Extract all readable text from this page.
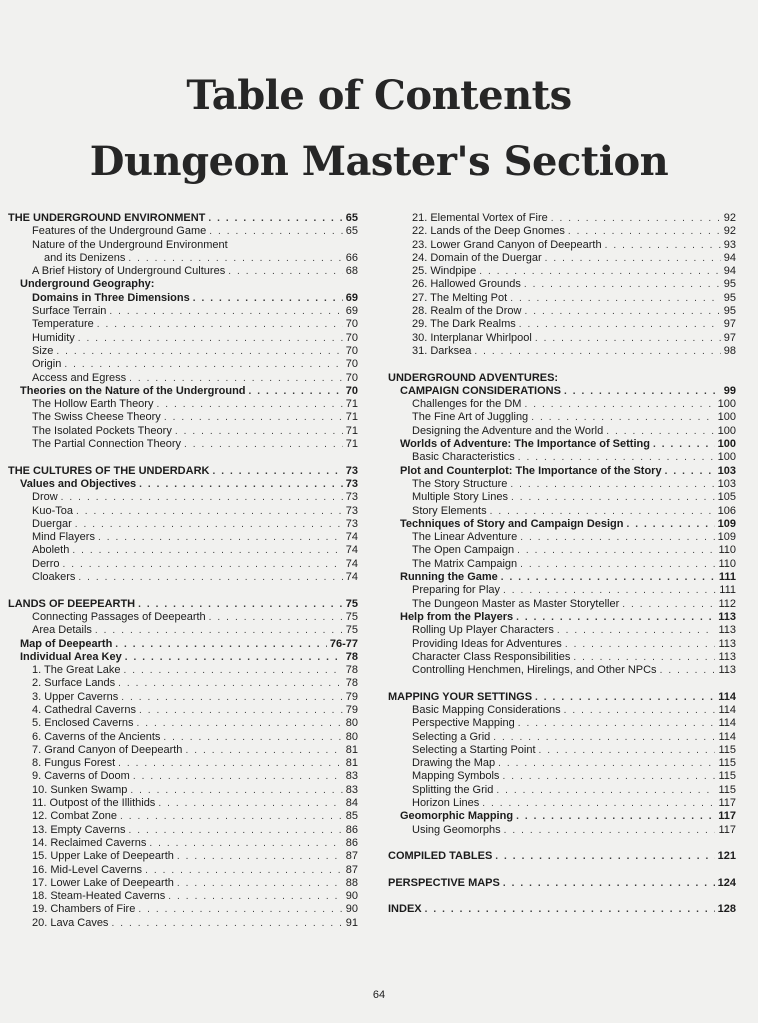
Table of Contents
Dungeon Master's Section
THE UNDERGROUND ENVIRONMENT . . .	65
Features of the Underground Game . . .	65
Nature of the Underground Environment
and its Denizens . . .	66
A Brief History of Underground Cultures . . .	68
Underground Geography:
Domains in Three Dimensions . . .	69
Surface Terrain . . .	69
Temperature . . .	70
Humidity . . .	70
Size . . .	70
Origin . . .	70
Access and Egress . . .	70
Theories on the Nature of the Underground . . .	70
The Hollow Earth Theory . . .	71
The Swiss Cheese Theory . . .	71
The Isolated Pockets Theory . . .	71
The Partial Connection Theory . . .	71
THE CULTURES OF THE UNDERDARK . . .	73
Values and Objectives . . .	73
Drow . . .	73
Kuo-Toa . . .	73
Duergar . . .	73
Mind Flayers . . .	74
Aboleth . . .	74
Derro . . .	74
Cloakers . . .	74
LANDS OF DEEPEARTH . . .	75
Connecting Passages of Deepearth . . .	75
Area Details . . .	75
Map of Deepearth . . .	76-77
Individual Area Key . . .	78
1. The Great Lake . . .	78
2. Surface Lands . . .	78
3. Upper Caverns . . .	79
4. Cathedral Caverns . . .	79
5. Enclosed Caverns . . .	80
6. Caverns of the Ancients . . .	80
7. Grand Canyon of Deepearth . . .	81
8. Fungus Forest . . .	81
9. Caverns of Doom . . .	83
10. Sunken Swamp . . .	83
11. Outpost of the Illithids . . .	84
12. Combat Zone . . .	85
13. Empty Caverns . . .	86
14. Reclaimed Caverns . . .	86
15. Upper Lake of Deepearth . . .	87
16. Mid-Level Caverns . . .	87
17. Lower Lake of Deepearth . . .	88
18. Steam-Heated Caverns . . .	90
19. Chambers of Fire . . .	90
20. Lava Caves . . .	91
21. Elemental Vortex of Fire . . .	92
22. Lands of the Deep Gnomes . . .	92
23. Lower Grand Canyon of Deepearth . . .	93
24. Domain of the Duergar . . .	94
25. Windpipe . . .	94
26. Hallowed Grounds . . .	95
27. The Melting Pot . . .	95
28. Realm of the Drow . . .	95
29. The Dark Realms . . .	97
30. Interplanar Whirlpool . . .	97
31. Darksea . . .	98
UNDERGROUND ADVENTURES:
CAMPAIGN CONSIDERATIONS . . .	99
Challenges for the DM . . .	100
The Fine Art of Juggling . . .	100
Designing the Adventure and the World . . .	100
Worlds of Adventure: The Importance of Setting . . .	100
Basic Characteristics . . .	100
Plot and Counterplot: The Importance of the Story . . .	103
The Story Structure . . .	103
Multiple Story Lines . . .	105
Story Elements . . .	106
Techniques of Story and Campaign Design . . .	109
The Linear Adventure . . .	109
The Open Campaign . . .	110
The Matrix Campaign . . .	110
Running the Game . . .	111
Preparing for Play . . .	111
The Dungeon Master as Master Storyteller . . .	112
Help from the Players . . .	113
Rolling Up Player Characters . . .	113
Providing Ideas for Adventures . . .	113
Character Class Responsibilities . . .	113
Controlling Henchmen, Hirelings, and Other NPCs . . .	113
MAPPING YOUR SETTINGS . . .	114
Basic Mapping Considerations . . .	114
Perspective Mapping . . .	114
Selecting a Grid . . .	114
Selecting a Starting Point . . .	115
Drawing the Map . . .	115
Mapping Symbols . . .	115
Splitting the Grid . . .	115
Horizon Lines . . .	117
Geomorphic Mapping . . .	117
Using Geomorphs . . .	117
COMPILED TABLES . . .	121
PERSPECTIVE MAPS . . .	124
INDEX . . .	128
64
